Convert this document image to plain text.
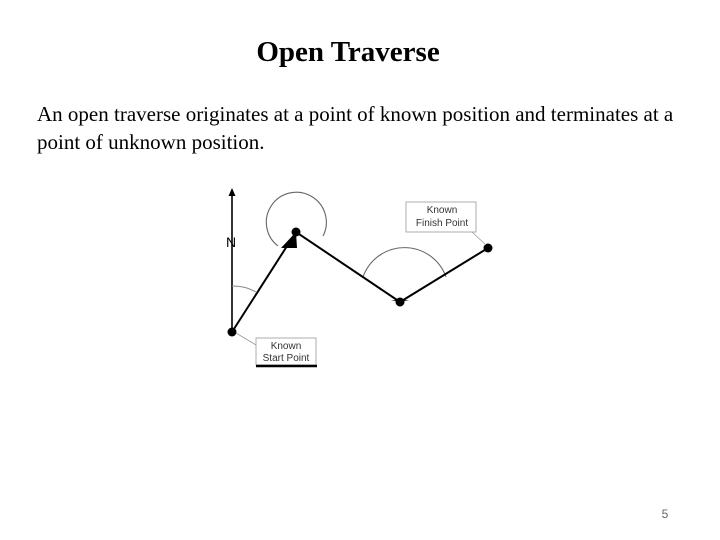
Open Traverse
An open traverse originates at a point of known position and terminates at a point of unknown position.
N
Known
Start Point
Known
Finish Point
5
